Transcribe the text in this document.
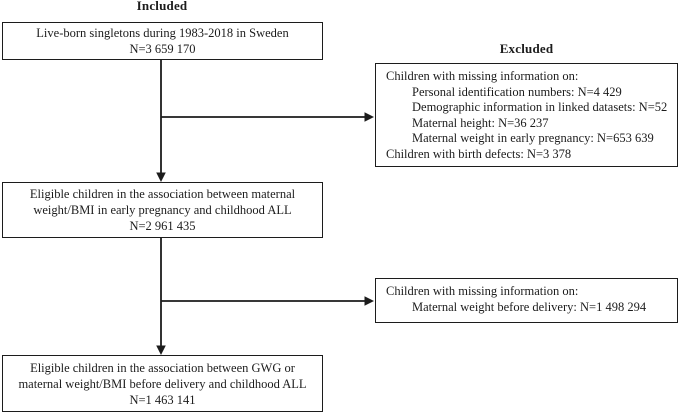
Included
Excluded
Live-born singletons during 1983-2018 in Sweden
N=3 659 170
Children with missing information on:
Personal identification numbers: N=4 429
Demographic information in linked datasets: N=52
Maternal height: N=36 237
Maternal weight in early pregnancy: N=653 639
Children with birth defects: N=3 378
Eligible children in the association between maternal
weight/BMI in early pregnancy and childhood ALL
N=2 961 435
Children with missing information on:
Maternal weight before delivery: N=1 498 294
Eligible children in the association between GWG or
maternal weight/BMI before delivery and childhood ALL
N=1 463 141
